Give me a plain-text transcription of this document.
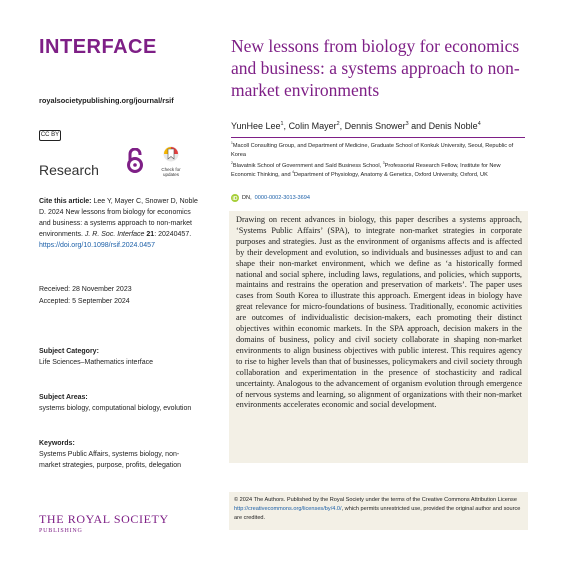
INTERFACE
royalsocietypublishing.org/journal/rsif
CC BY
Research	Check for
updates
Cite this article: Lee Y, Mayer C, Snower D, Noble D. 2024 New lessons from biology for economics and business: a systems approach to non-market environments. J. R. Soc. Interface 21: 20240457.
https://doi.org/10.1098/rsif.2024.0457
Received: 28 November 2023
Accepted: 5 September 2024
Subject Category:
Life Sciences–Mathematics interface
Subject Areas:
systems biology, computational biology, evolution
Keywords:
Systems Public Affairs, systems biology, non-market strategies, purpose, profits, delegation
THE ROYAL SOCIETY
PUBLISHING
New lessons from biology for economics and business: a systems approach to non-market environments
YunHee Lee$^1$, Colin Mayer$^2$, Dennis Snower$^3$ and Denis Noble$^4$
$^1$Macoll Consulting Group, and Department of Medicine, Graduate School of Konkuk University, Seoul, Republic of Korea
$^2$Blavatnik School of Government and Saïd Business School, $^3$Professorial Research Fellow, Institute for New Economic Thinking, and $^4$Department of Physiology, Anatomy & Genetics, Oxford University, Oxford, UK
iD DN, 0000-0002-3013-3694
Drawing on recent advances in biology, this paper describes a systems approach, ‘Systems Public Affairs’ (SPA), to integrate non-market strategies in corporate purposes and strategies. Just as the environment of organisms affects and is affected by their development and evolution, so individuals and businesses adjust to and can shape their non-market environment, which we define as ‘a historically formed national and social sphere, including laws, regulations, and policies, which supports, maintains and restrains the operation and preservation of markets’. The paper uses cases from South Korea to illustrate this approach. Emergent ideas in biology have great relevance for micro-foundations of business. Traditionally, economic activities are outcomes of individualistic decision-makers, each promoting their distinct objectives within economic markets. In the SPA approach, decision makers in the domains of business, policy and civil society collaborate in shaping non-market environments to align business objectives with public interest. This requires agency to rise to higher levels than that of businesses, policymakers and civil society through collaboration and experimentation in the presence of stochasticity and radical uncertainty. Analogous to the advancement of organism evolution through emergence of nervous systems and learning, so alignment of organizations with their non-market environments accelerates economic and social development.
© 2024 The Authors. Published by the Royal Society under the terms of the Creative Commons Attribution License http://creativecommons.org/licenses/by/4.0/, which permits unrestricted use, provided the original author and source are credited.
